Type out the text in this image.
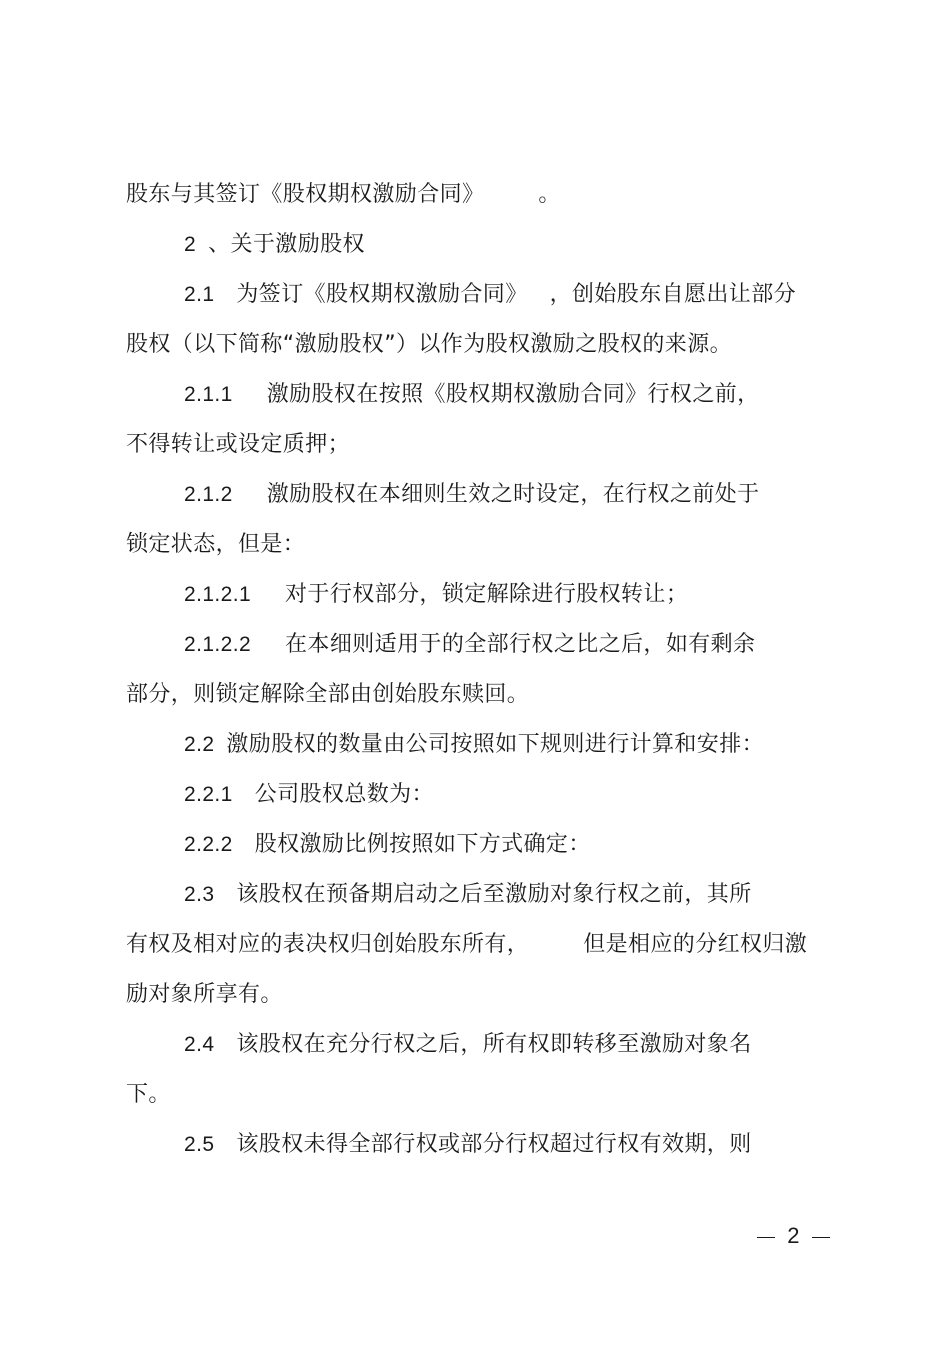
股东与其签订《股权期权激励合同》 。
2 、关于激励股权
2.1 为签订《股权期权激励合同》 ，创始股东自愿出让部分
股权（以下简称“激励股权”）以作为股权激励之股权的来源。
2.1.1 激励股权在按照《股权期权激励合同》行权之前，
不得转让或设定质押；
2.1.2 激励股权在本细则生效之时设定，在行权之前处于
锁定状态，但是：
2.1.2.1 对于行权部分，锁定解除进行股权转让；
2.1.2.2 在本细则适用于的全部行权之比之后，如有剩余
部分，则锁定解除全部由创始股东赎回。
2.2 激励股权的数量由公司按照如下规则进行计算和安排：
2.2.1 公司股权总数为：
2.2.2 股权激励比例按照如下方式确定：
2.3 该股权在预备期启动之后至激励对象行权之前，其所
有权及相对应的表决权归创始股东所有， 但是相应的分红权归激
励对象所享有。
2.4 该股权在充分行权之后，所有权即转移至激励对象名
下。
2.5 该股权未得全部行权或部分行权超过行权有效期，则
2
